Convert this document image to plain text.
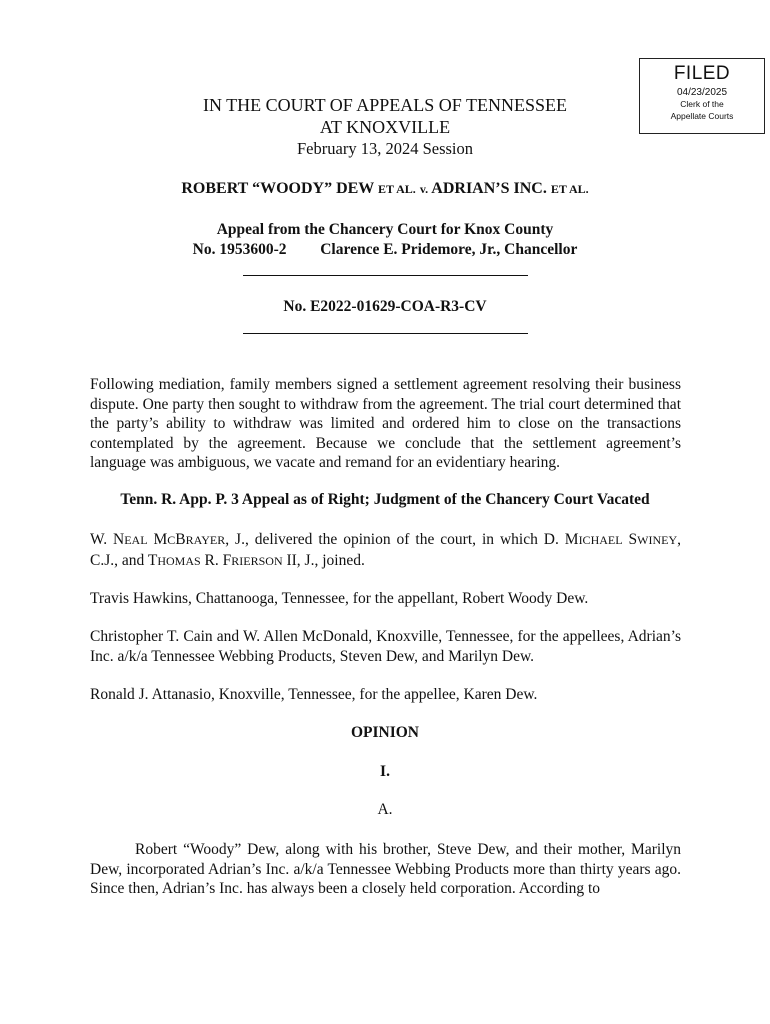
FILED
04/23/2025
Clerk of the
Appellate Courts
IN THE COURT OF APPEALS OF TENNESSEE
AT KNOXVILLE
February 13, 2024 Session
ROBERT “WOODY” DEW ET AL. v. ADRIAN’S INC. ET AL.
Appeal from the Chancery Court for Knox County
No. 1953600-2 Clarence E. Pridemore, Jr., Chancellor
No. E2022-01629-COA-R3-CV

Following mediation, family members signed a settlement agreement resolving their business dispute. One party then sought to withdraw from the agreement. The trial court determined that the party’s ability to withdraw was limited and ordered him to close on the transactions contemplated by the agreement. Because we conclude that the settlement agreement’s language was ambiguous, we vacate and remand for an evidentiary hearing.

Tenn. R. App. P. 3 Appeal as of Right; Judgment of the Chancery Court Vacated

W. NEAL MCBRAYER, J., delivered the opinion of the court, in which D. MICHAEL SWINEY, C.J., and THOMAS R. FRIERSON II, J., joined.

Travis Hawkins, Chattanooga, Tennessee, for the appellant, Robert Woody Dew.

Christopher T. Cain and W. Allen McDonald, Knoxville, Tennessee, for the appellees, Adrian’s Inc. a/k/a Tennessee Webbing Products, Steven Dew, and Marilyn Dew.

Ronald J. Attanasio, Knoxville, Tennessee, for the appellee, Karen Dew.

OPINION
I.
A.

Robert “Woody” Dew, along with his brother, Steve Dew, and their mother, Marilyn Dew, incorporated Adrian’s Inc. a/k/a Tennessee Webbing Products more than thirty years ago. Since then, Adrian’s Inc. has always been a closely held corporation. According to
